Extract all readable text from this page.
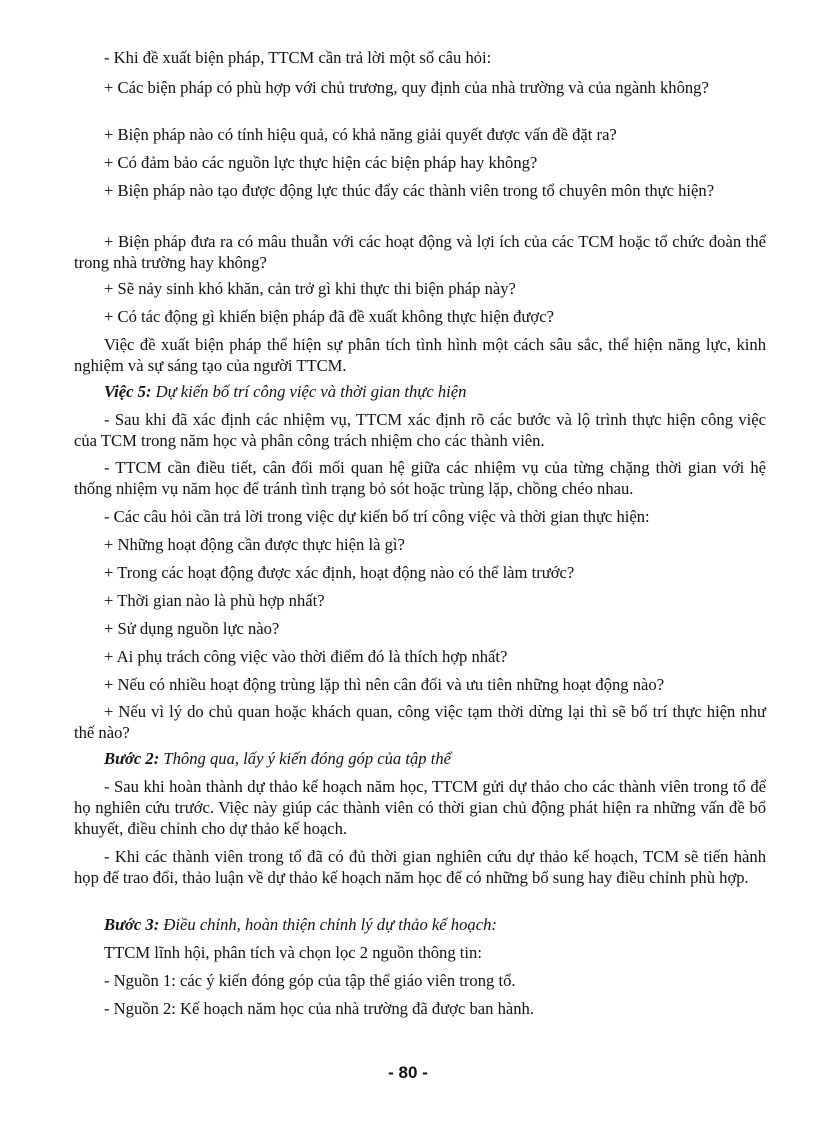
- Khi đề xuất biện pháp, TTCM cần trả lời một số câu hỏi:

+ Các biện pháp có phù hợp với chủ trương, quy định của nhà trường và của ngành không?

+ Biện pháp nào có tính hiệu quả, có khả năng giải quyết được vấn đề đặt ra?

+ Có đảm bảo các nguồn lực thực hiện các biện pháp hay không?

+ Biện pháp nào tạo được động lực thúc đẩy các thành viên trong tổ chuyên môn thực hiện?

+ Biện pháp đưa ra có mâu thuẫn với các hoạt động và lợi ích của các TCM hoặc tổ chức đoàn thể trong nhà trường hay không?

+ Sẽ nảy sinh khó khăn, cản trở gì khi thực thi biện pháp này?

+ Có tác động gì khiến biện pháp đã đề xuất không thực hiện được?

Việc đề xuất biện pháp thể hiện sự phân tích tình hình một cách sâu sắc, thể hiện năng lực, kinh nghiệm và sự sáng tạo của người TTCM.

Việc 5: Dự kiến bố trí công việc và thời gian thực hiện

- Sau khi đã xác định các nhiệm vụ, TTCM xác định rõ các bước và lộ trình thực hiện công việc của TCM trong năm học và phân công trách nhiệm cho các thành viên.

- TTCM cần điều tiết, cân đối mối quan hệ giữa các nhiệm vụ của từng chặng thời gian với hệ thống nhiệm vụ năm học để tránh tình trạng bỏ sót hoặc trùng lặp, chồng chéo nhau.

- Các câu hỏi cần trả lời trong việc dự kiến bố trí công việc và thời gian thực hiện:

+ Những hoạt động cần được thực hiện là gì?

+ Trong các hoạt động được xác định, hoạt động nào có thể làm trước?

+ Thời gian nào là phù hợp nhất?

+ Sử dụng nguồn lực nào?

+ Ai phụ trách công việc vào thời điểm đó là thích hợp nhất?

+ Nếu có nhiều hoạt động trùng lặp thì nên cân đối và ưu tiên những hoạt động nào?

+ Nếu vì lý do chủ quan hoặc khách quan, công việc tạm thời dừng lại thì sẽ bố trí thực hiện như thế nào?

Bước 2: Thông qua, lấy ý kiến đóng góp của tập thể

- Sau khi hoàn thành dự thảo kế hoạch năm học, TTCM gửi dự thảo cho các thành viên trong tổ để họ nghiên cứu trước. Việc này giúp các thành viên có thời gian chủ động phát hiện ra những vấn đề bổ khuyết, điều chỉnh cho dự thảo kế hoạch.

- Khi các thành viên trong tổ đã có đủ thời gian nghiên cứu dự thảo kế hoạch, TCM sẽ tiến hành họp để trao đổi, thảo luận về dự thảo kế hoạch năm học để có những bổ sung hay điều chỉnh phù hợp.

Bước 3: Điều chỉnh, hoàn thiện chỉnh lý dự thảo kế hoạch:

TTCM lĩnh hội, phân tích và chọn lọc 2 nguồn thông tin:

- Nguồn 1: các ý kiến đóng góp của tập thể giáo viên trong tổ.

- Nguồn 2: Kế hoạch năm học của nhà trường đã được ban hành.

- 80 -
